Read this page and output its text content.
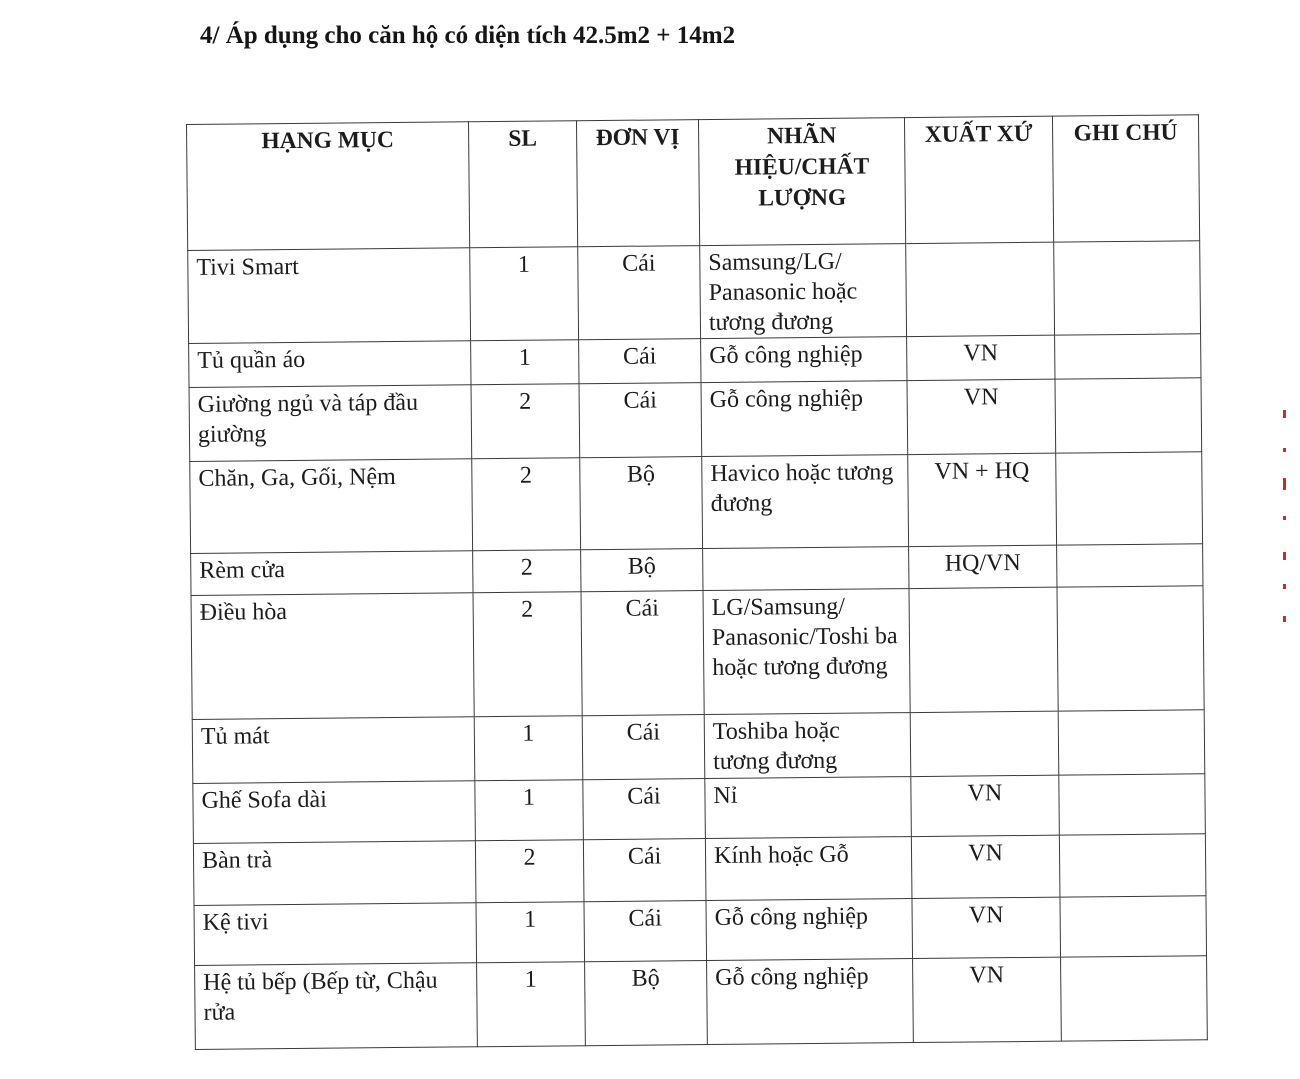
4/ Áp dụng cho căn hộ có diện tích 42.5m2 + 14m2
HẠNG MỤC	SL	ĐƠN VỊ	NHÃN HIỆU/CHẤT LƯỢNG	XUẤT XỨ	GHI CHÚ
Tivi Smart	1	Cái	Samsung/LG/ Panasonic hoặc tương đương		
Tủ quần áo	1	Cái	Gỗ công nghiệp	VN	
Giường ngủ và táp đầu giường	2	Cái	Gỗ công nghiệp	VN	
Chăn, Ga, Gối, Nệm	2	Bộ	Havico hoặc tương đương	VN + HQ	
Rèm cửa	2	Bộ		HQ/VN	
Điều hòa	2	Cái	LG/Samsung/ Panasonic/Toshi ba hoặc tương đương		
Tủ mát	1	Cái	Toshiba hoặc tương đương		
Ghế Sofa dài	1	Cái	Nỉ	VN	
Bàn trà	2	Cái	Kính hoặc Gỗ	VN	
Kệ tivi	1	Cái	Gỗ công nghiệp	VN	
Hệ tủ bếp (Bếp từ, Chậu rửa	1	Bộ	Gỗ công nghiệp	VN	
